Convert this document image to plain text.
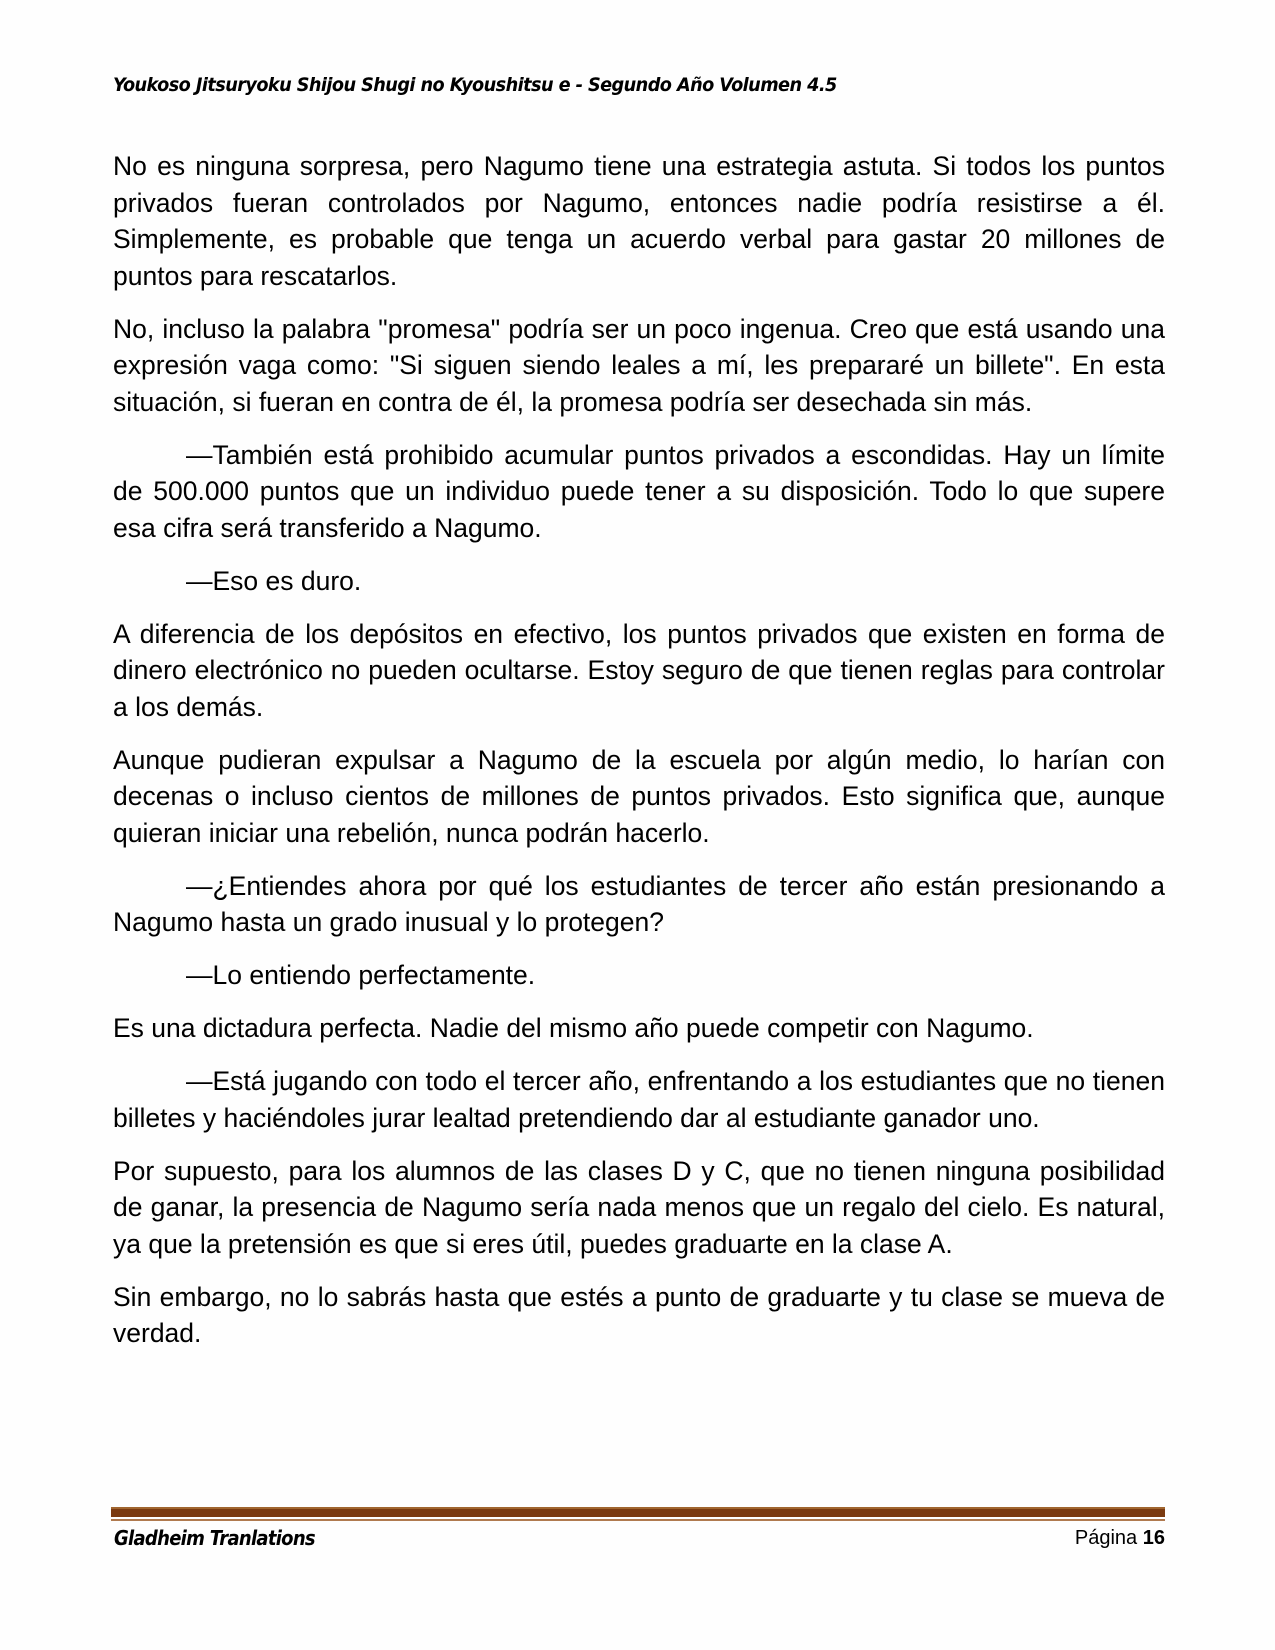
Youkoso Jitsuryoku Shijou Shugi no Kyoushitsu e - Segundo Año Volumen 4.5

No es ninguna sorpresa, pero Nagumo tiene una estrategia astuta. Si todos los puntos privados fueran controlados por Nagumo, entonces nadie podría resistirse a él. Simplemente, es probable que tenga un acuerdo verbal para gastar 20 millones de puntos para rescatarlos.

No, incluso la palabra "promesa" podría ser un poco ingenua. Creo que está usando una expresión vaga como: "Si siguen siendo leales a mí, les prepararé un billete". En esta situación, si fueran en contra de él, la promesa podría ser desechada sin más.

—También está prohibido acumular puntos privados a escondidas. Hay un límite de 500.000 puntos que un individuo puede tener a su disposición. Todo lo que supere esa cifra será transferido a Nagumo.

—Eso es duro.

A diferencia de los depósitos en efectivo, los puntos privados que existen en forma de dinero electrónico no pueden ocultarse. Estoy seguro de que tienen reglas para controlar a los demás.

Aunque pudieran expulsar a Nagumo de la escuela por algún medio, lo harían con decenas o incluso cientos de millones de puntos privados. Esto significa que, aunque quieran iniciar una rebelión, nunca podrán hacerlo.

—¿Entiendes ahora por qué los estudiantes de tercer año están presionando a Nagumo hasta un grado inusual y lo protegen?

—Lo entiendo perfectamente.

Es una dictadura perfecta. Nadie del mismo año puede competir con Nagumo.

—Está jugando con todo el tercer año, enfrentando a los estudiantes que no tienen billetes y haciéndoles jurar lealtad pretendiendo dar al estudiante ganador uno.

Por supuesto, para los alumnos de las clases D y C, que no tienen ninguna posibilidad de ganar, la presencia de Nagumo sería nada menos que un regalo del cielo. Es natural, ya que la pretensión es que si eres útil, puedes graduarte en la clase A.

Sin embargo, no lo sabrás hasta que estés a punto de graduarte y tu clase se mueva de verdad.

Gladheim Tranlations	Página 16
